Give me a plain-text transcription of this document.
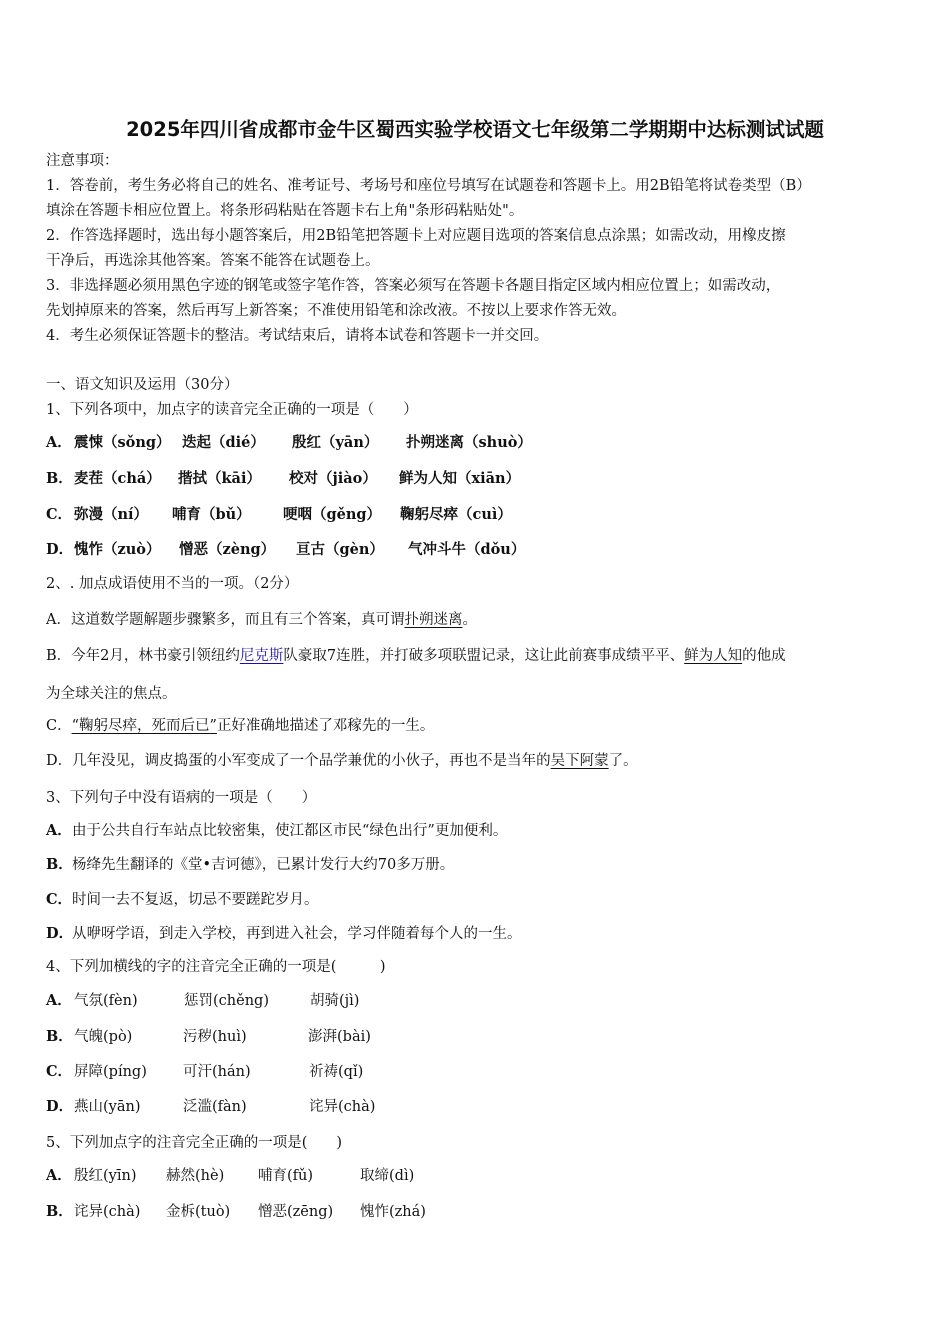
2025年四川省成都市金牛区蜀西实验学校语文七年级第二学期期中达标测试试题
注意事项：
1．答卷前，考生务必将自己的姓名、准考证号、考场号和座位号填写在试题卷和答题卡上。用2B铅笔将试卷类型（B）
填涂在答题卡相应位置上。将条形码粘贴在答题卡右上角"条形码粘贴处"。
2．作答选择题时，选出每小题答案后，用2B铅笔把答题卡上对应题目选项的答案信息点涂黑；如需改动，用橡皮擦
干净后，再选涂其他答案。答案不能答在试题卷上。
3．非选择题必须用黑色字迹的钢笔或签字笔作答，答案必须写在答题卡各题目指定区域内相应位置上；如需改动，
先划掉原来的答案，然后再写上新答案；不准使用铅笔和涂改液。不按以上要求作答无效。
4．考生必须保证答题卡的整洁。考试结束后，请将本试卷和答题卡一并交回。
一、语文知识及运用（30分）
1、下列各项中，加点字的读音完全正确的一项是（　　）
A． 震悚（sǒng） 迭起（dié） 殷红（yān） 扑朔迷离（shuò）
B． 麦茬（chá） 揩拭（kāi） 校对（jiào） 鲜为人知（xiān）
C． 弥漫（ní） 哺育（bǔ） 哽咽（gěng） 鞠躬尽瘁（cuì）
D． 愧怍（zuò） 憎恶（zèng） 亘古（gèn） 气冲斗牛（dǒu）
2、. 加点成语使用不当的一项。（2分）
A．这道数学题解题步骤繁多，而且有三个答案，真可谓扑朔迷离。
B．今年2月，林书豪引领纽约尼克斯队豪取7连胜，并打破多项联盟记录，这让此前赛事成绩平平、鲜为人知的他成
为全球关注的焦点。
C．“鞠躬尽瘁，死而后已”正好准确地描述了邓稼先的一生。
D．几年没见，调皮捣蛋的小军变成了一个品学兼优的小伙子，再也不是当年的吴下阿蒙了。
3、下列句子中没有语病的一项是（　　）
A．由于公共自行车站点比较密集，使江都区市民“绿色出行”更加便利。
B．杨绛先生翻译的《堂•吉诃德》，已累计发行大约70多万册。
C．时间一去不复返，切忌不要蹉跎岁月。
D．从咿呀学语，到走入学校，再到进入社会，学习伴随着每个人的一生。
4、下列加横线的字的注音完全正确的一项是(　　　)
A． 气氛(fèn)	惩罚(chěng)	胡骑(jì)
B． 气魄(pò)	污秽(huì)	澎湃(bài)
C． 屏障(píng) 可汗(hán)	祈祷(qǐ)
D． 燕山(yān)	泛滥(fàn)	诧异(chà)
5、下列加点字的注音完全正确的一项是(　　)
A． 殷红(yīn) 赫然(hè) 哺育(fǔ)	取缔(dì)
B． 诧异(chà) 金柝(tuò) 憎恶(zēng) 愧怍(zhá)
